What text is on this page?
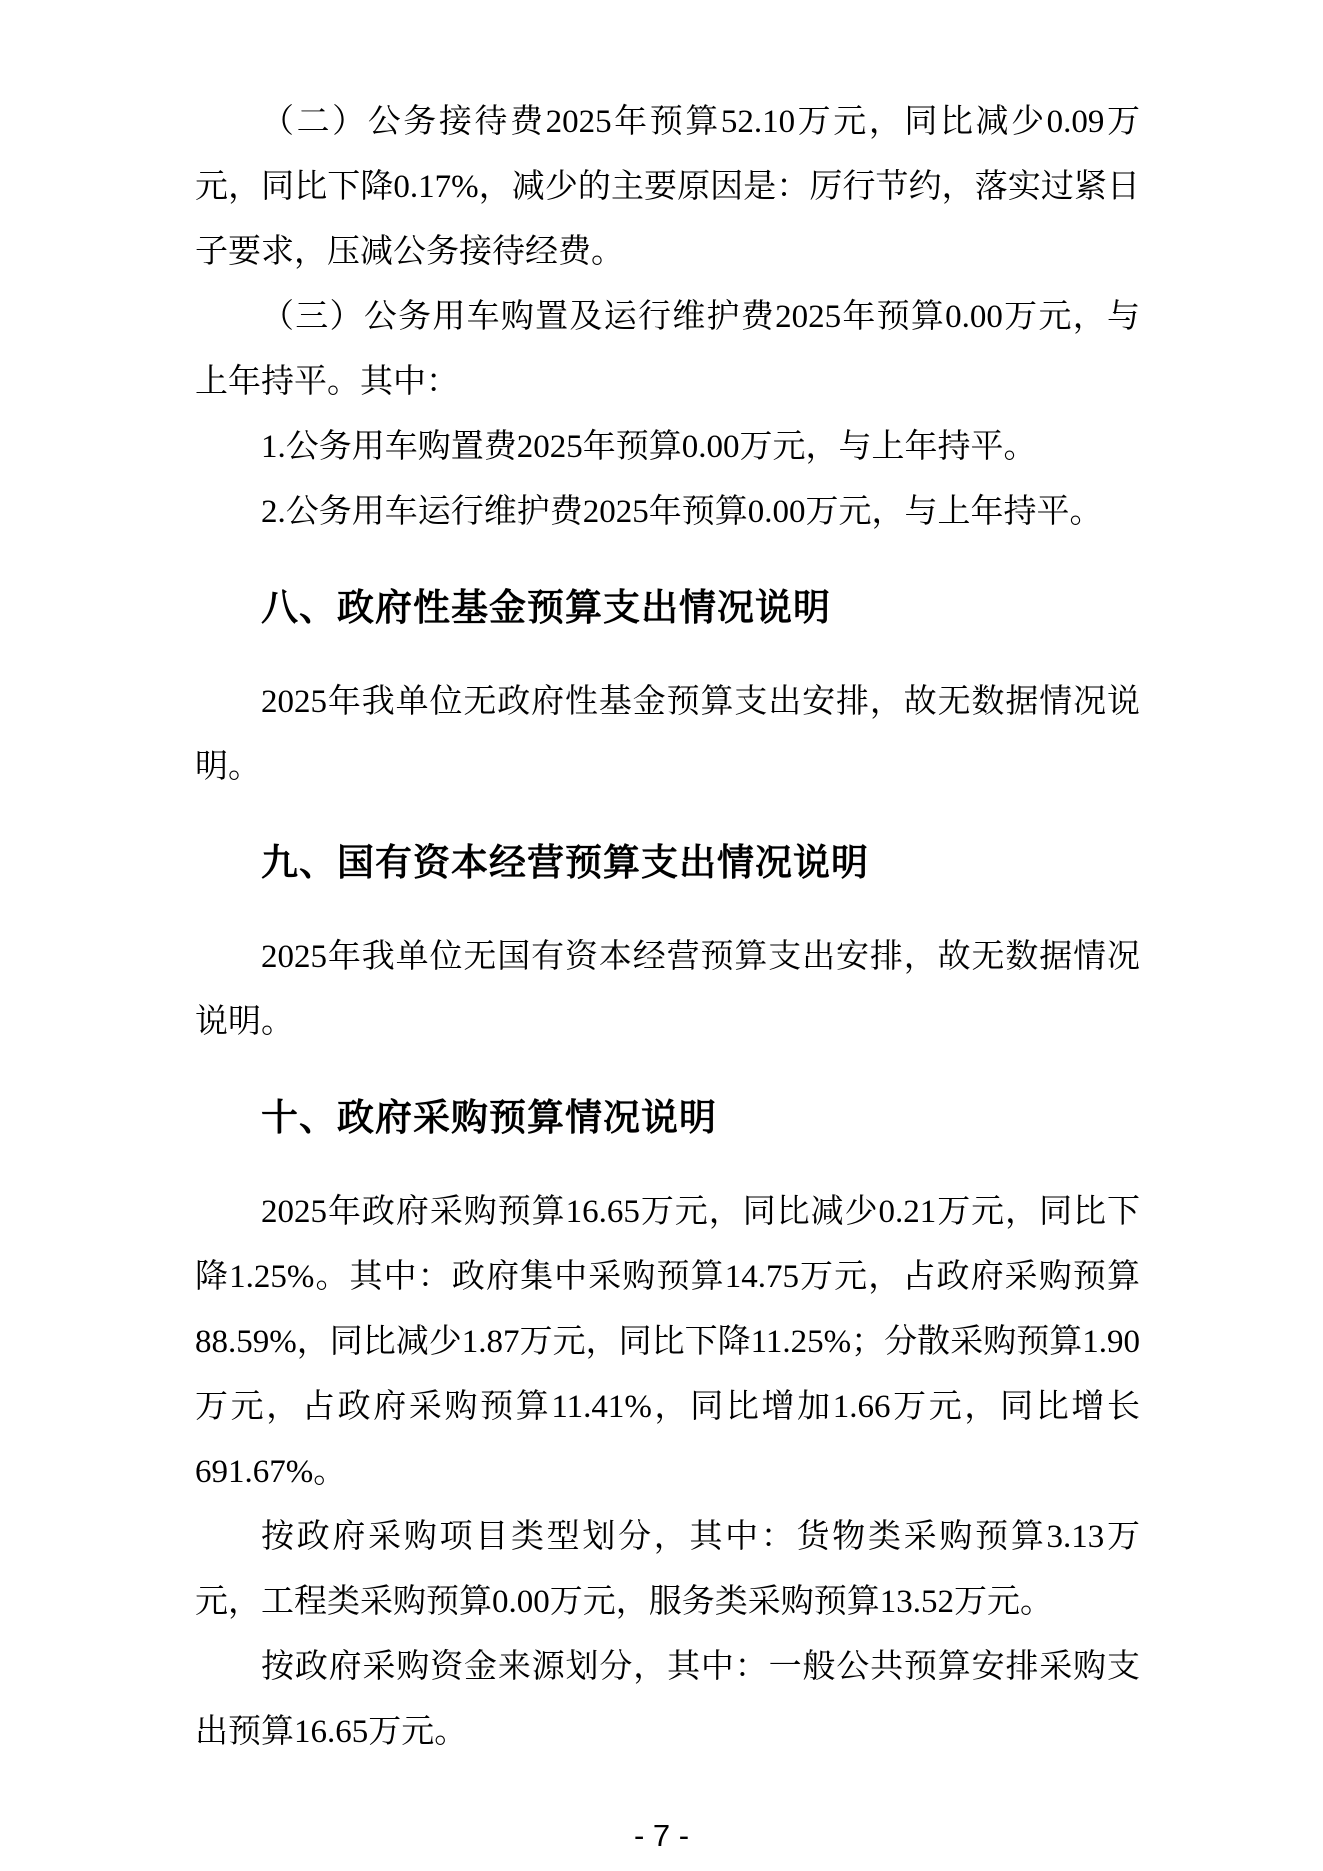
（二）公务接待费2025年预算52.10万元，同比减少0.09万元，同比下降0.17%，减少的主要原因是：厉行节约，落实过紧日子要求，压减公务接待经费。

（三）公务用车购置及运行维护费2025年预算0.00万元，与上年持平。其中：

1.公务用车购置费2025年预算0.00万元，与上年持平。

2.公务用车运行维护费2025年预算0.00万元，与上年持平。

八、政府性基金预算支出情况说明

2025年我单位无政府性基金预算支出安排，故无数据情况说明。

九、国有资本经营预算支出情况说明

2025年我单位无国有资本经营预算支出安排，故无数据情况说明。

十、政府采购预算情况说明

2025年政府采购预算16.65万元，同比减少0.21万元，同比下降1.25%。其中：政府集中采购预算14.75万元，占政府采购预算88.59%，同比减少1.87万元，同比下降11.25%；分散采购预算1.90万元，占政府采购预算11.41%，同比增加1.66万元，同比增长691.67%。

按政府采购项目类型划分，其中：货物类采购预算3.13万元，工程类采购预算0.00万元，服务类采购预算13.52万元。

按政府采购资金来源划分，其中：一般公共预算安排采购支出预算16.65万元。

- 7 -
